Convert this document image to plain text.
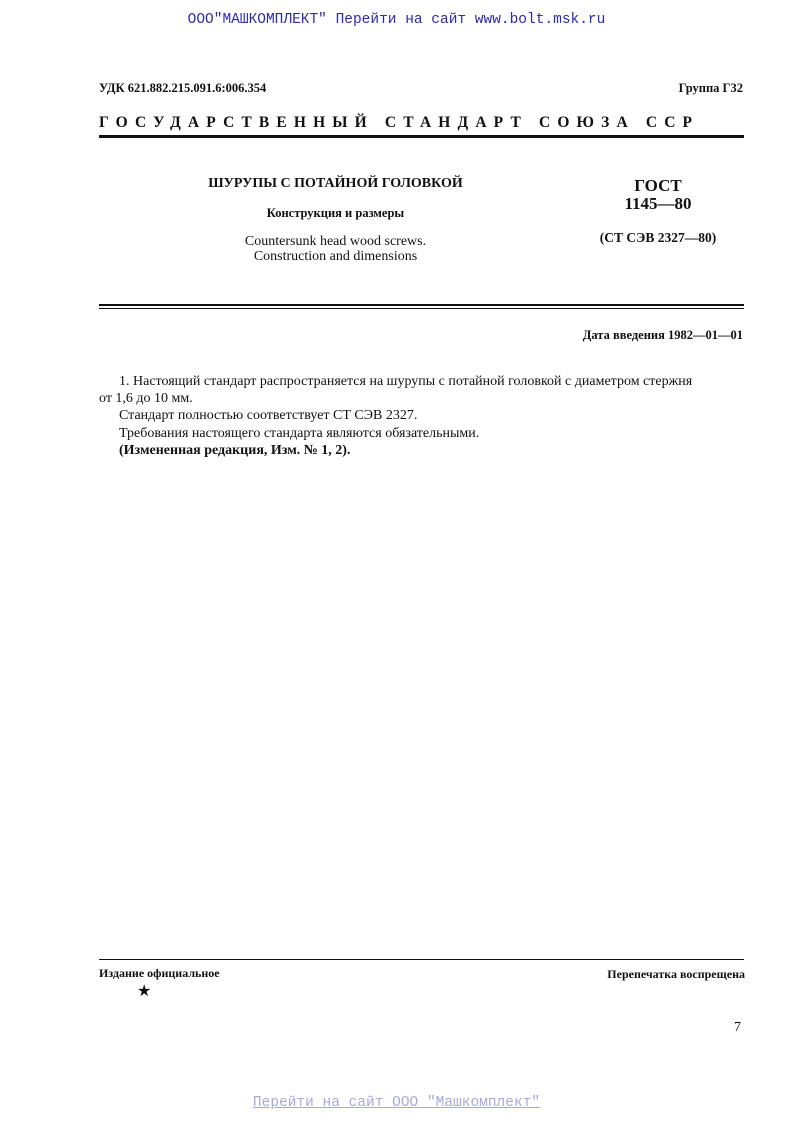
ООО"МАШКОМПЛЕКТ" Перейти на сайт www.bolt.msk.ru
УДК 621.882.215.091.6:006.354	Группа Г32
ГОСУДАРСТВЕННЫЙ СТАНДАРТ СОЮЗА ССР
ШУРУПЫ С ПОТАЙНОЙ ГОЛОВКОЙ
Конструкция и размеры
Countersunk head wood screws.
Construction and dimensions
ГОСТ
1145—80
(СТ СЭВ 2327—80)
Дата введения 1982—01—01
1. Настоящий стандарт распространяется на шурупы с потайной головкой с диаметром стержня
от 1,6 до 10 мм.
Стандарт полностью соответствует СТ СЭВ 2327.
Требования настоящего стандарта являются обязательными.
(Измененная редакция, Изм. № 1, 2).
Издание официальное	Перепечатка воспрещена
★
7
Перейти на сайт ООО "Машкомплект"
